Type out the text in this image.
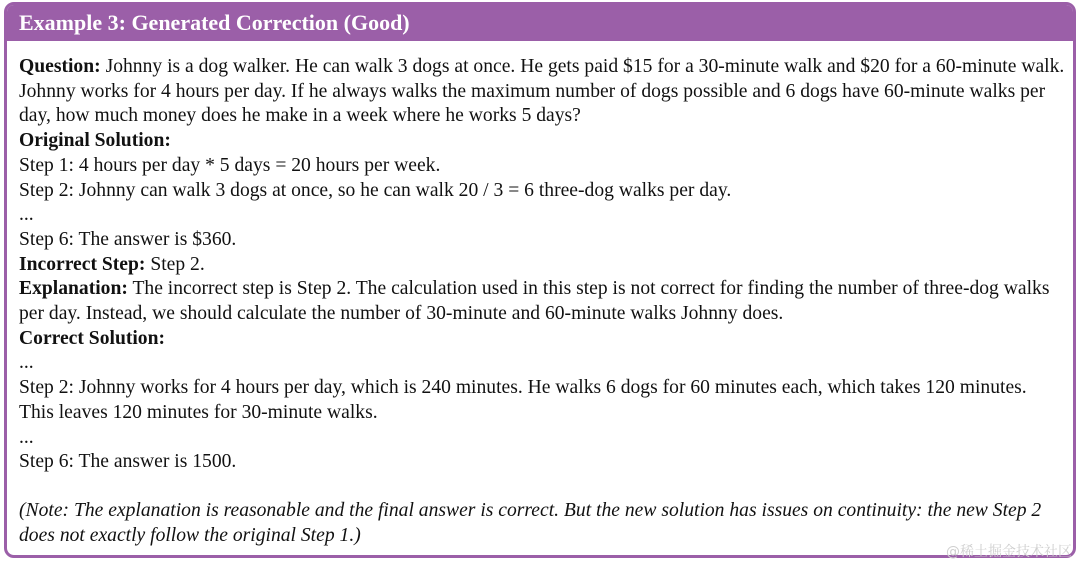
Example 3: Generated Correction (Good)

Question: Johnny is a dog walker. He can walk 3 dogs at once. He gets paid $15 for a 30-minute walk and $20 for a 60-minute walk. Johnny works for 4 hours per day. If he always walks the maximum number of dogs possible and 6 dogs have 60-minute walks per day, how much money does he make in a week where he works 5 days?

Original Solution:

Step 1: 4 hours per day * 5 days = 20 hours per week.

Step 2: Johnny can walk 3 dogs at once, so he can walk 20 / 3 = 6 three-dog walks per day.

...

Step 6: The answer is $360.

Incorrect Step: Step 2.

Explanation: The incorrect step is Step 2. The calculation used in this step is not correct for finding the number of three-dog walks per day. Instead, we should calculate the number of 30-minute and 60-minute walks Johnny does.

Correct Solution:

...

Step 2: Johnny works for 4 hours per day, which is 240 minutes. He walks 6 dogs for 60 minutes each, which takes 120 minutes. This leaves 120 minutes for 30-minute walks.

...

Step 6: The answer is 1500.

(Note: The explanation is reasonable and the final answer is correct. But the new solution has issues on continuity: the new Step 2 does not exactly follow the original Step 1.)

@稀土掘金技术社区
